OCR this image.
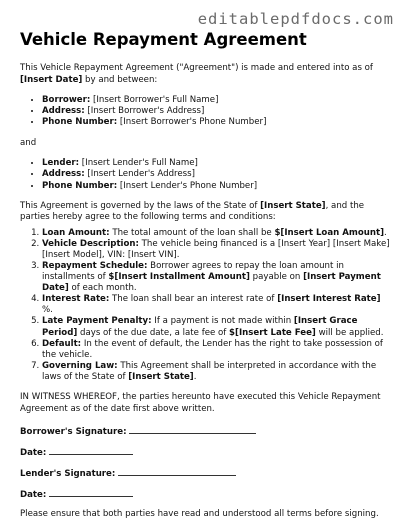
editablepdfdocs.com
Vehicle Repayment Agreement

This Vehicle Repayment Agreement ("Agreement") is made and entered into as of [Insert Date] by and between:

• Borrower: [Insert Borrower's Full Name]
• Address: [Insert Borrower's Address]
• Phone Number: [Insert Borrower's Phone Number]

and

• Lender: [Insert Lender's Full Name]
• Address: [Insert Lender's Address]
• Phone Number: [Insert Lender's Phone Number]

This Agreement is governed by the laws of the State of [Insert State], and the parties hereby agree to the following terms and conditions:

1. Loan Amount: The total amount of the loan shall be $[Insert Loan Amount].
2. Vehicle Description: The vehicle being financed is a [Insert Year] [Insert Make] [Insert Model], VIN: [Insert VIN].
3. Repayment Schedule: Borrower agrees to repay the loan amount in installments of $[Insert Installment Amount] payable on [Insert Payment Date] of each month.
4. Interest Rate: The loan shall bear an interest rate of [Insert Interest Rate] %.
5. Late Payment Penalty: If a payment is not made within [Insert Grace Period] days of the due date, a late fee of $[Insert Late Fee] will be applied.
6. Default: In the event of default, the Lender has the right to take possession of the vehicle.
7. Governing Law: This Agreement shall be interpreted in accordance with the laws of the State of [Insert State].

IN WITNESS WHEREOF, the parties hereunto have executed this Vehicle Repayment Agreement as of the date first above written.

Borrower's Signature:

Date:

Lender's Signature:

Date:

Please ensure that both parties have read and understood all terms before signing.
